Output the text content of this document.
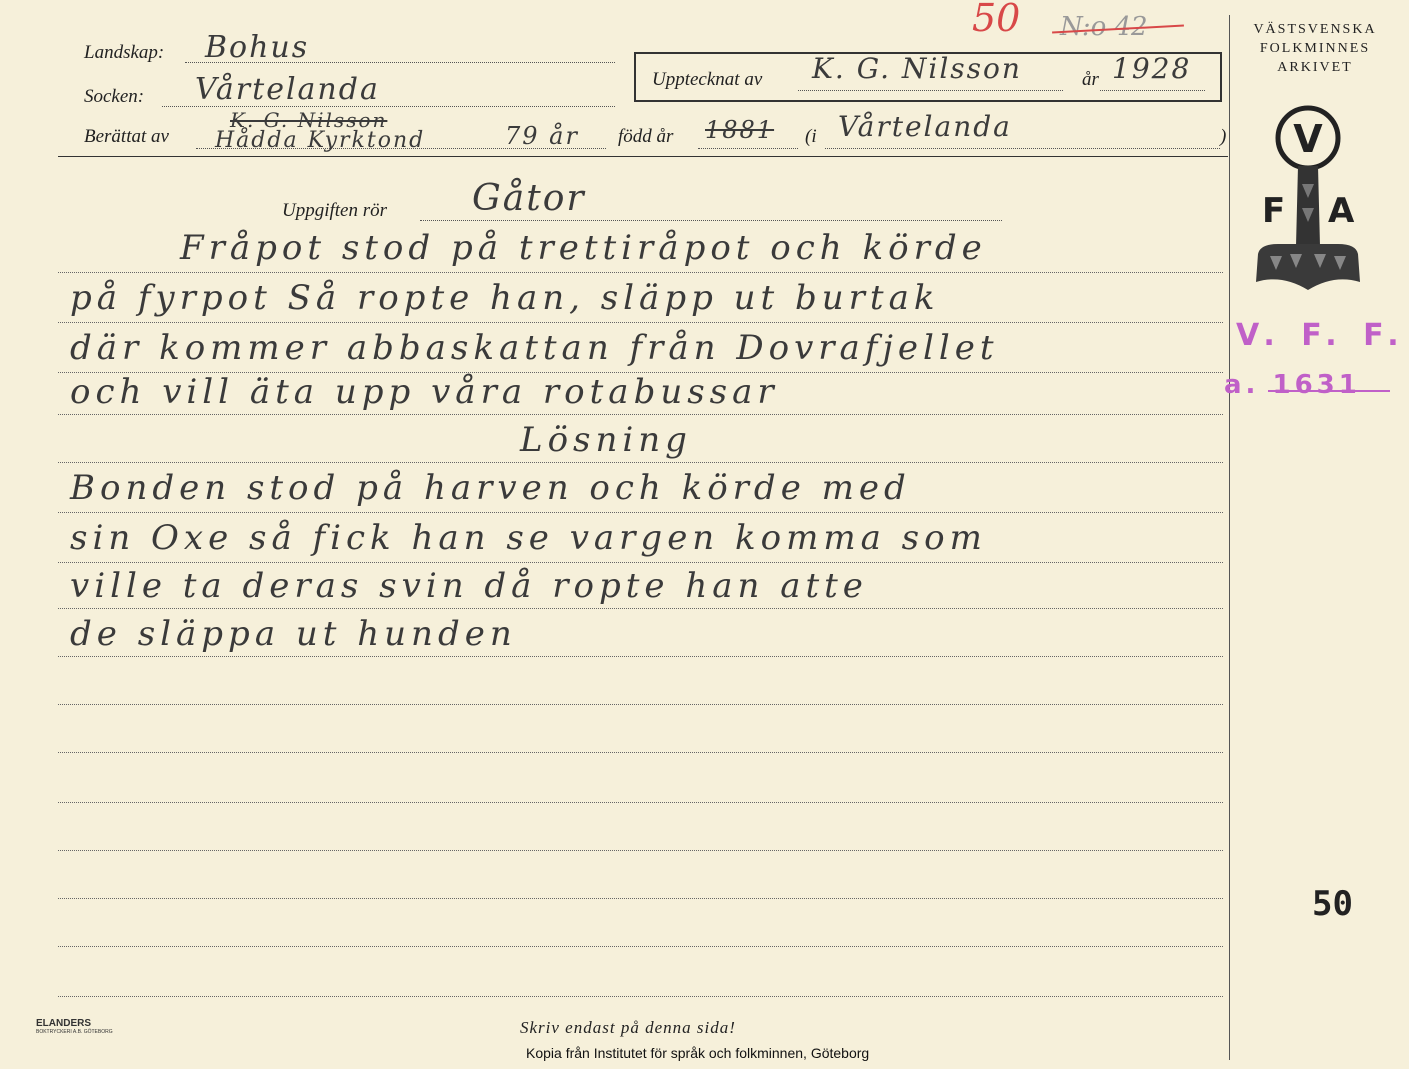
50 N:o 42
Landskap: Bohus
Socken: Vårtelanda	Upptecknat av K. G. Nilsson	år 1928
Berättat av
K. G. Nilsson
Hådda Kyrktond	79 år född år 1881 (i Vårtelanda	)
Uppgiften rör Gåtor
Fråpot stod på trettiråpot och körde
på fyrpot Så ropte han, släpp ut burtak
där kommer abbaskattan från Dovrafjellet
och vill äta upp våra rotabussar
Lösning
Bonden stod på harven och körde med
sin Oxe så fick han se vargen komma som
ville ta deras svin då ropte han atte
de släppa ut hunden
VÄSTSVENSKA
FOLKMINNES
ARKIVET
V
F A
V. F. F.
a. 1631
50
ELANDERS
BOKTRYCKERI A.B. GÖTEBORG	Skriv endast på denna sida!
Kopia från Institutet för språk och folkminnen, Göteborg
